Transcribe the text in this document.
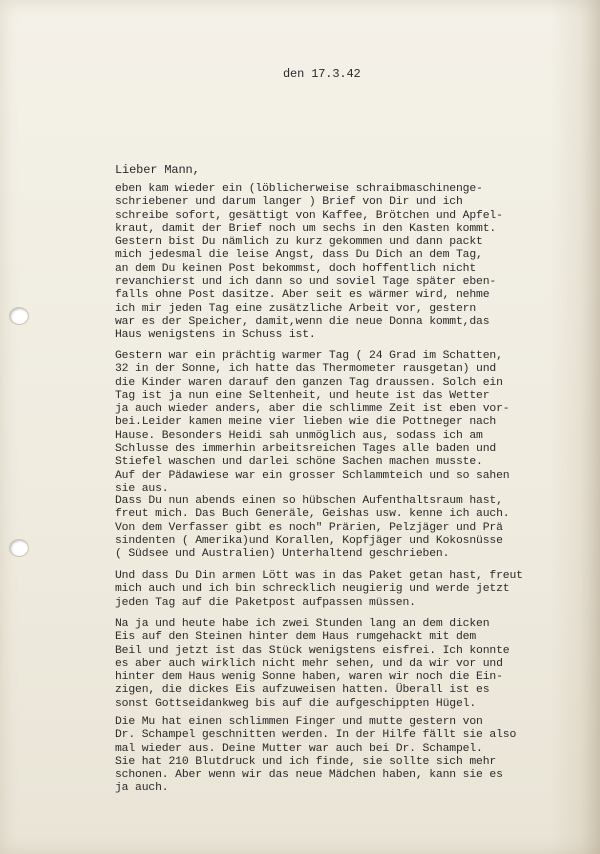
den 17.3.42
Lieber Mann,
eben kam wieder ein (löblicherweise schraibmaschinenge-
schriebener und darum langer ) Brief von Dir und ich
schreibe sofort, gesättigt von Kaffee, Brötchen und Apfel-
kraut, damit der Brief noch um sechs in den Kasten kommt.
Gestern bist Du nämlich zu kurz gekommen und dann packt
mich jedesmal die leise Angst, dass Du Dich an dem Tag,
an dem Du keinen Post bekommst, doch hoffentlich nicht
revanchierst und ich dann so und soviel Tage später eben-
falls ohne Post dasitze. Aber seit es wärmer wird, nehme
ich mir jeden Tag eine zusätzliche Arbeit vor, gestern
war es der Speicher, damit,wenn die neue Donna kommt,das
Haus wenigstens in Schuss ist.
Gestern war ein prächtig warmer Tag ( 24 Grad im Schatten,
32 in der Sonne, ich hatte das Thermometer rausgetan) und
die Kinder waren darauf den ganzen Tag draussen. Solch ein
Tag ist ja nun eine Seltenheit, und heute ist das Wetter
ja auch wieder anders, aber die schlimme Zeit ist eben vor-
bei.Leider kamen meine vier lieben wie die Pottneger nach
Hause. Besonders Heidi sah unmöglich aus, sodass ich am
Schlusse des immerhin arbeitsreichen Tages alle baden und
Stiefel waschen und darlei schöne Sachen machen musste.
Auf der Pädawiese war ein grosser Schlammteich und so sahen
sie aus.
Dass Du nun abends einen so hübschen Aufenthaltsraum hast,
freut mich. Das Buch Generäle, Geishas usw. kenne ich auch.
Von dem Verfasser gibt es noch" Prärien, Pelzjäger und Prä
sindenten ( Amerika)und Korallen, Kopfjäger und Kokosnüsse
( Südsee und Australien) Unterhaltend geschrieben.
Und dass Du Din armen Lött was in das Paket getan hast, freut
mich auch und ich bin schrecklich neugierig und werde jetzt
jeden Tag auf die Paketpost aufpassen müssen.
Na ja und heute habe ich zwei Stunden lang an dem dicken
Eis auf den Steinen hinter dem Haus rumgehackt mit dem
Beil und jetzt ist das Stück wenigstens eisfrei. Ich konnte
es aber auch wirklich nicht mehr sehen, und da wir vor und
hinter dem Haus wenig Sonne haben, waren wir noch die Ein-
zigen, die dickes Eis aufzuweisen hatten. Überall ist es
sonst Gottseidankweg bis auf die aufgeschippten Hügel.
Die Mu hat einen schlimmen Finger und mutte gestern von
Dr. Schampel geschnitten werden. In der Hilfe fällt sie also
mal wieder aus. Deine Mutter war auch bei Dr. Schampel.
Sie hat 210 Blutdruck und ich finde, sie sollte sich mehr
schonen. Aber wenn wir das neue Mädchen haben, kann sie es
ja auch.
